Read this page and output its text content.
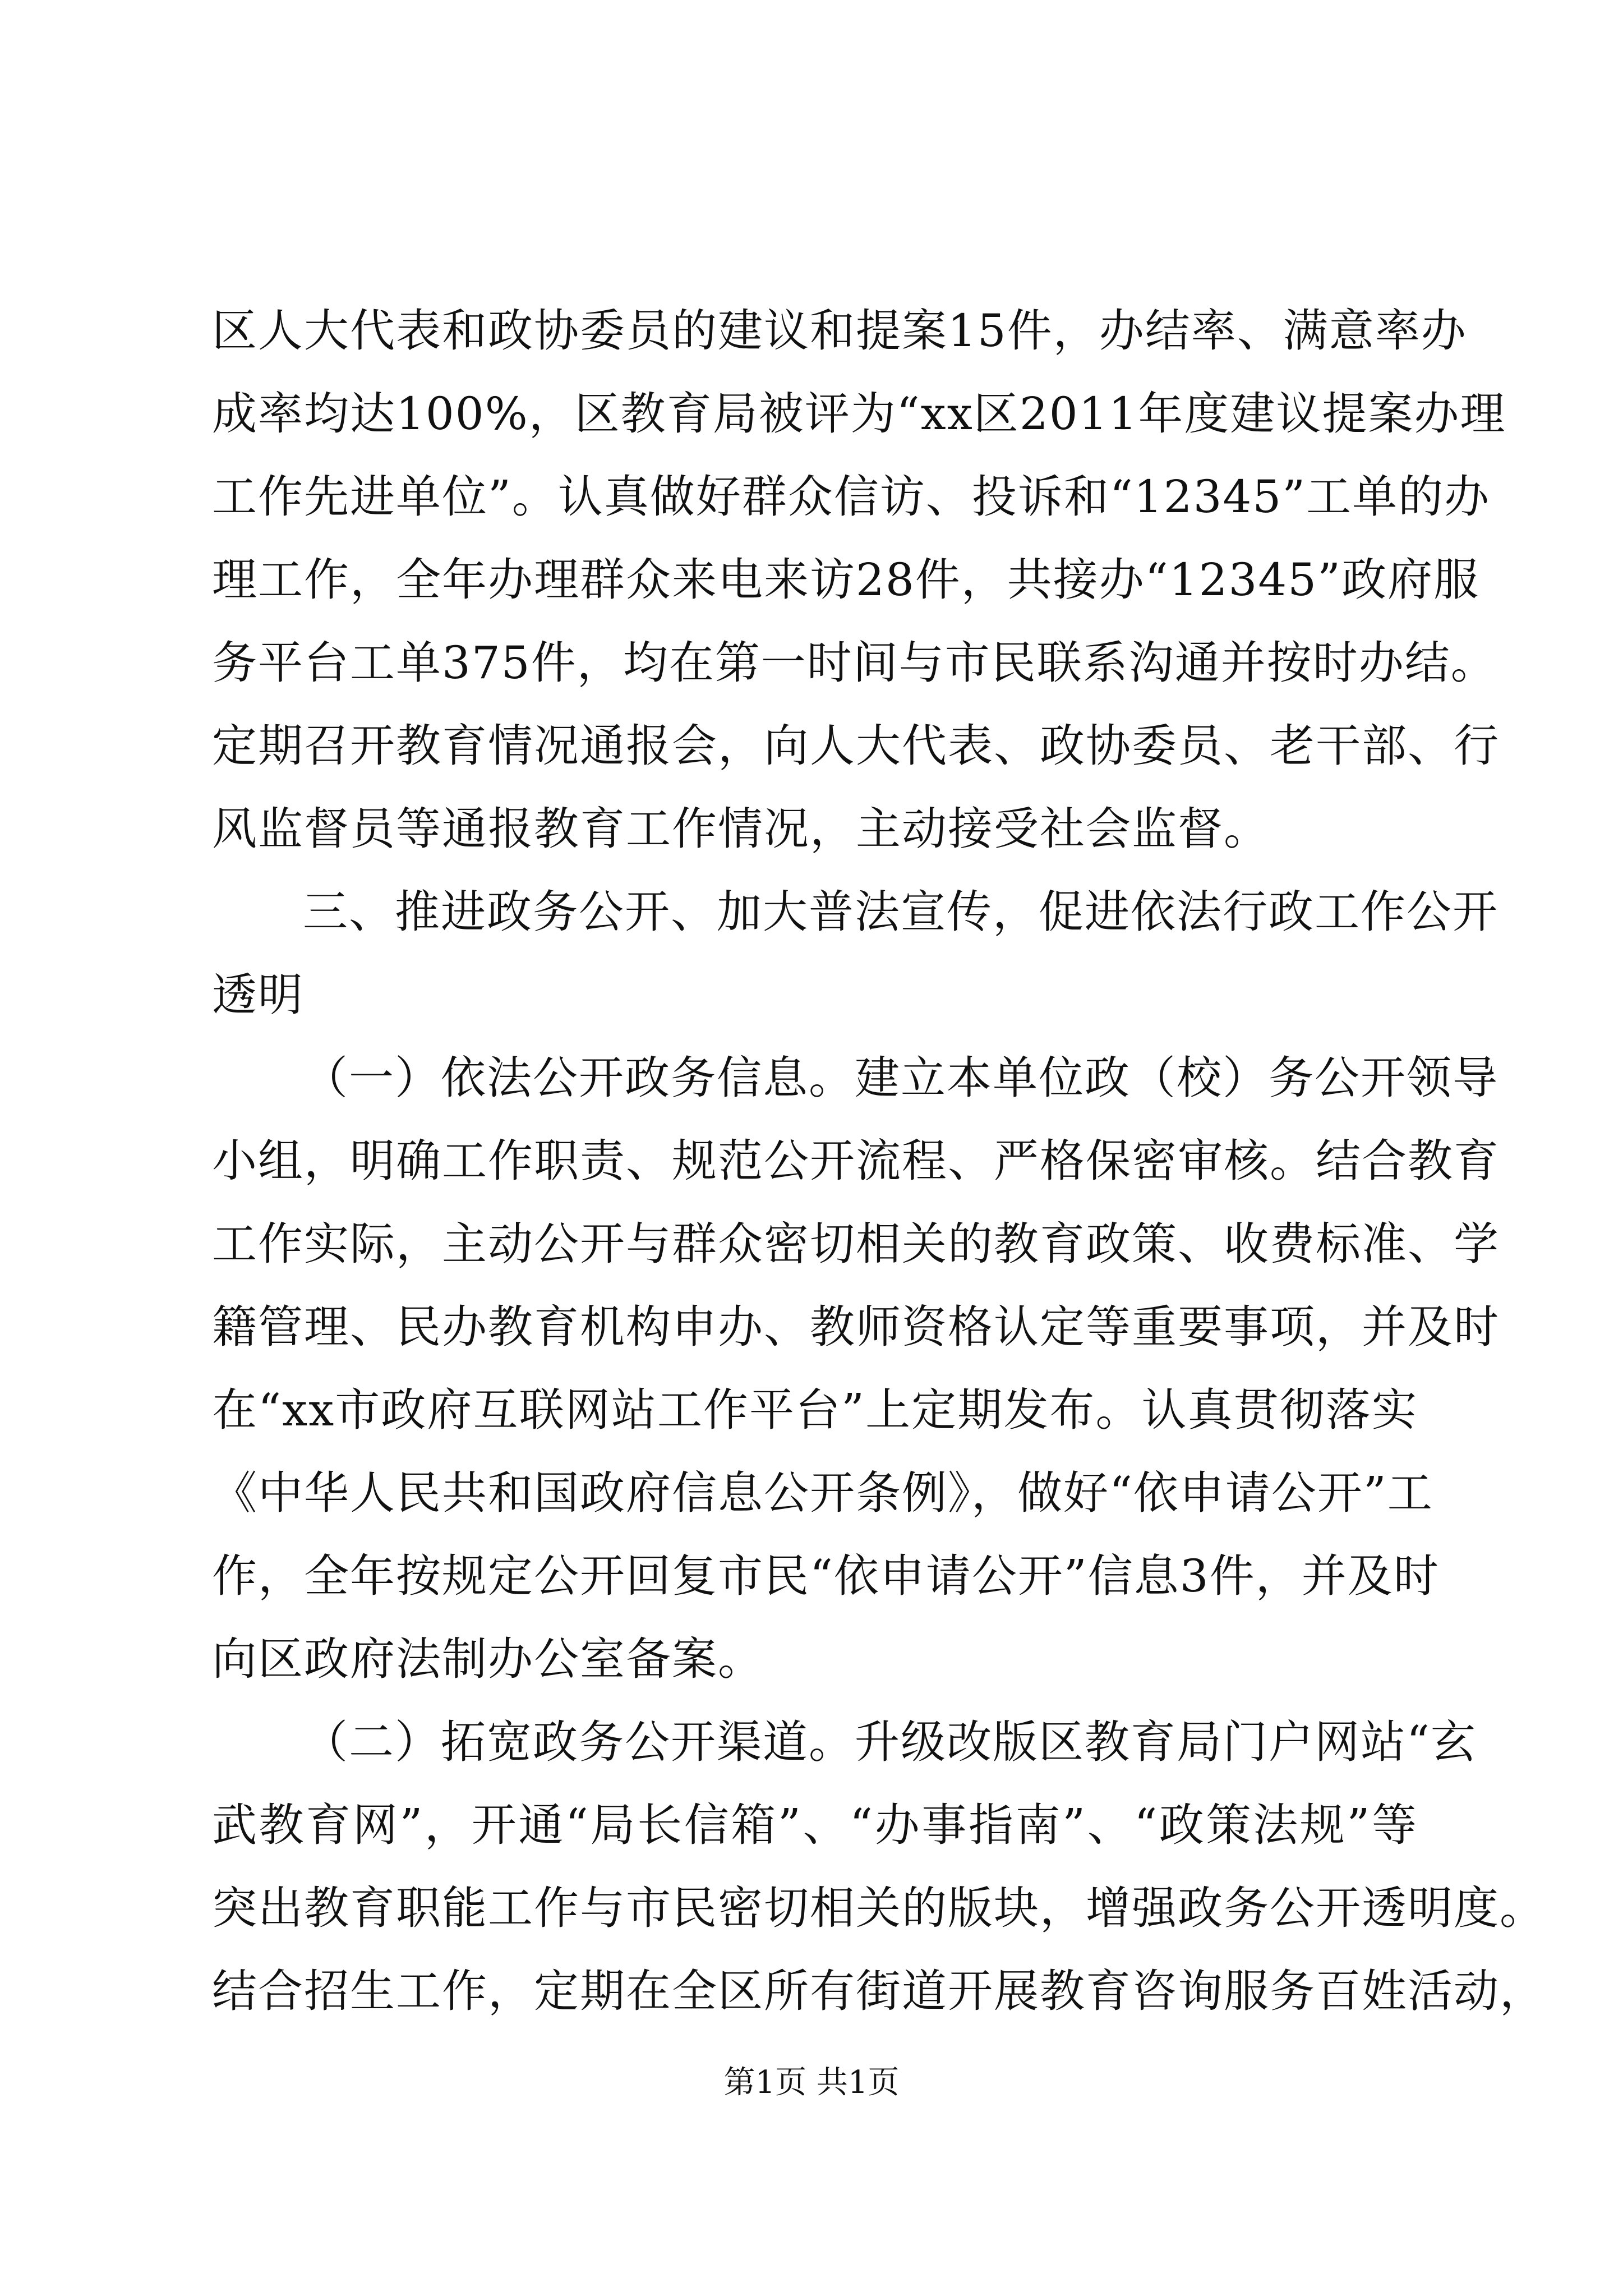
区人大代表和政协委员的建议和提案15件，办结率、满意率办
成率均达100%，区教育局被评为“xx区2011年度建议提案办理
工作先进单位”。认真做好群众信访、投诉和“12345”工单的办
理工作，全年办理群众来电来访28件，共接办“12345”政府服
务平台工单375件，均在第一时间与市民联系沟通并按时办结。
定期召开教育情况通报会，向人大代表、政协委员、老干部、行
风监督员等通报教育工作情况，主动接受社会监督。
三、推进政务公开、加大普法宣传，促进依法行政工作公开
透明
（一）依法公开政务信息。建立本单位政（校）务公开领导
小组，明确工作职责、规范公开流程、严格保密审核。结合教育
工作实际，主动公开与群众密切相关的教育政策、收费标准、学
籍管理、民办教育机构申办、教师资格认定等重要事项，并及时
在“xx市政府互联网站工作平台”上定期发布。认真贯彻落实
《中华人民共和国政府信息公开条例》，做好“依申请公开”工
作，全年按规定公开回复市民“依申请公开”信息3件，并及时
向区政府法制办公室备案。
（二）拓宽政务公开渠道。升级改版区教育局门户网站“玄
武教育网”，开通“局长信箱”、“办事指南”、“政策法规”等
突出教育职能工作与市民密切相关的版块，增强政务公开透明度。
结合招生工作，定期在全区所有街道开展教育咨询服务百姓活动，
第1页 共1页
